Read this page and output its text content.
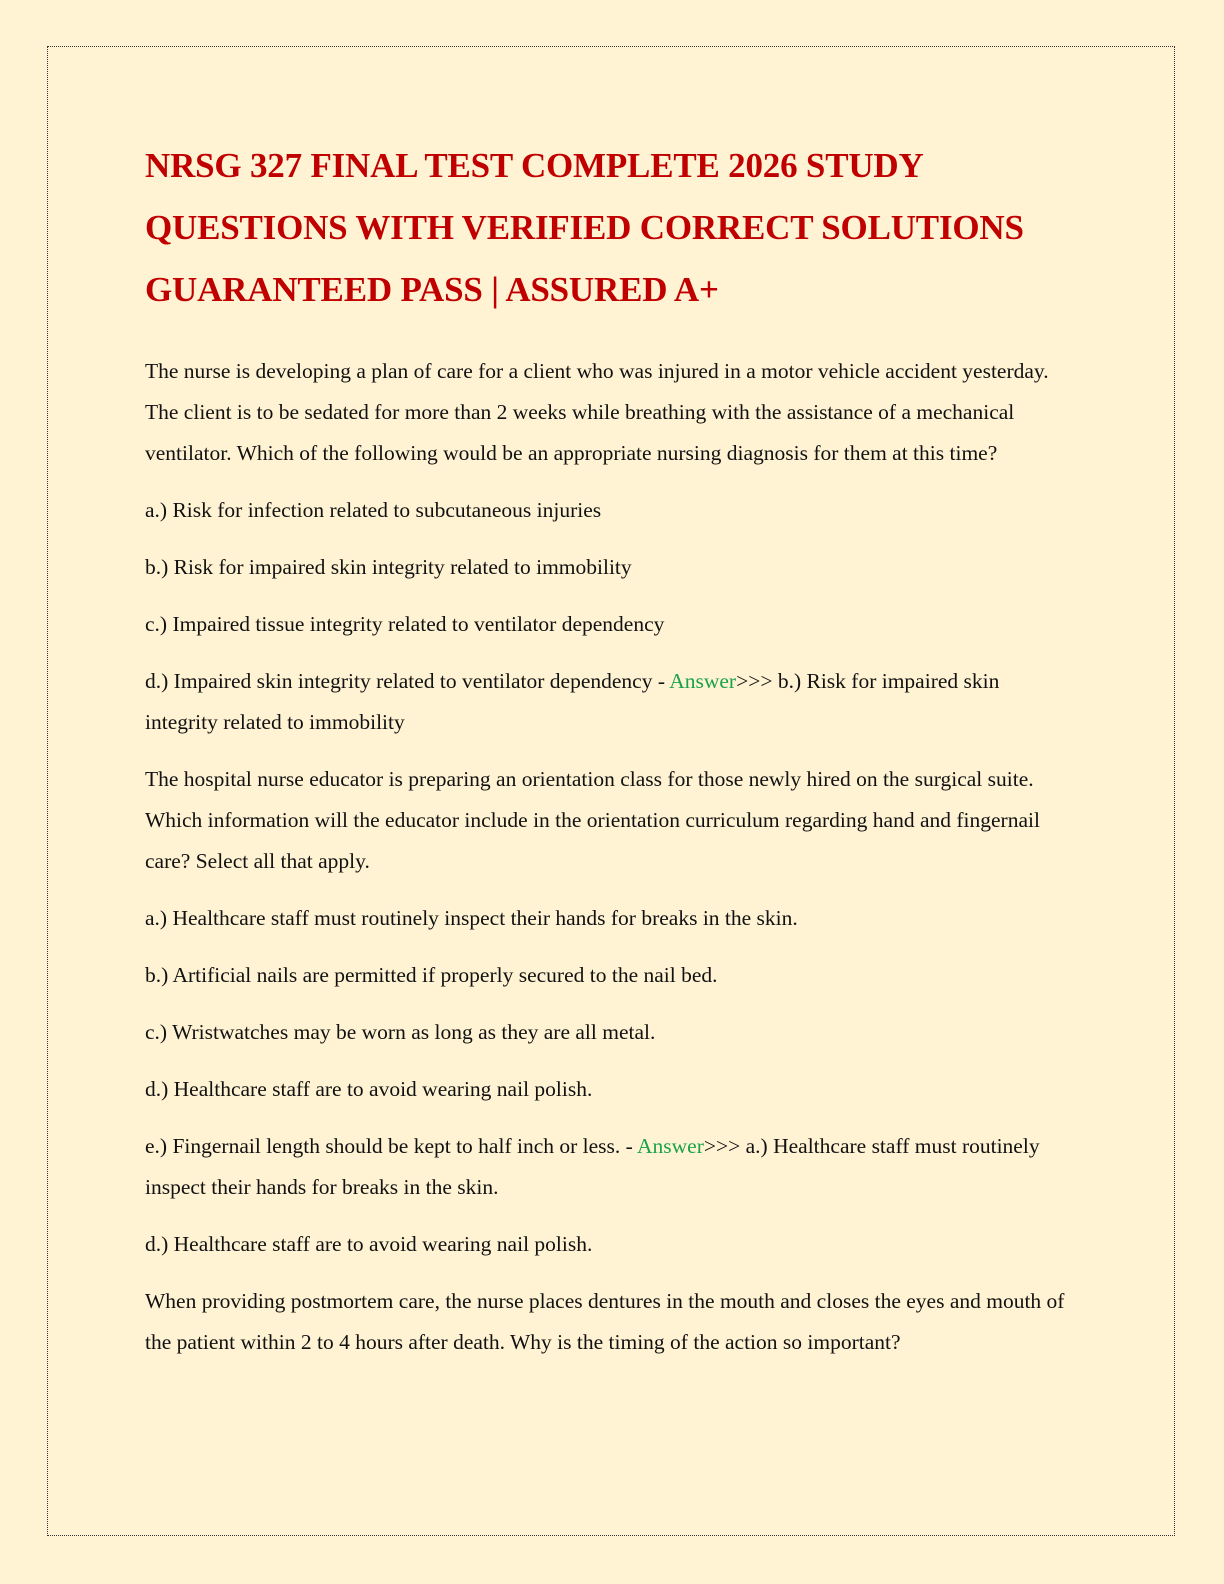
NRSG 327 FINAL TEST COMPLETE 2026 STUDY QUESTIONS WITH VERIFIED CORRECT SOLUTIONS GUARANTEED PASS | ASSURED A+

The nurse is developing a plan of care for a client who was injured in a motor vehicle accident yesterday. The client is to be sedated for more than 2 weeks while breathing with the assistance of a mechanical ventilator. Which of the following would be an appropriate nursing diagnosis for them at this time?

a.) Risk for infection related to subcutaneous injuries

b.) Risk for impaired skin integrity related to immobility

c.) Impaired tissue integrity related to ventilator dependency

d.) Impaired skin integrity related to ventilator dependency - Answer>>> b.) Risk for impaired skin integrity related to immobility

The hospital nurse educator is preparing an orientation class for those newly hired on the surgical suite. Which information will the educator include in the orientation curriculum regarding hand and fingernail care? Select all that apply.

a.) Healthcare staff must routinely inspect their hands for breaks in the skin.

b.) Artificial nails are permitted if properly secured to the nail bed.

c.) Wristwatches may be worn as long as they are all metal.

d.) Healthcare staff are to avoid wearing nail polish.

e.) Fingernail length should be kept to half inch or less. - Answer>>> a.) Healthcare staff must routinely inspect their hands for breaks in the skin.

d.) Healthcare staff are to avoid wearing nail polish.

When providing postmortem care, the nurse places dentures in the mouth and closes the eyes and mouth of the patient within 2 to 4 hours after death. Why is the timing of the action so important?
